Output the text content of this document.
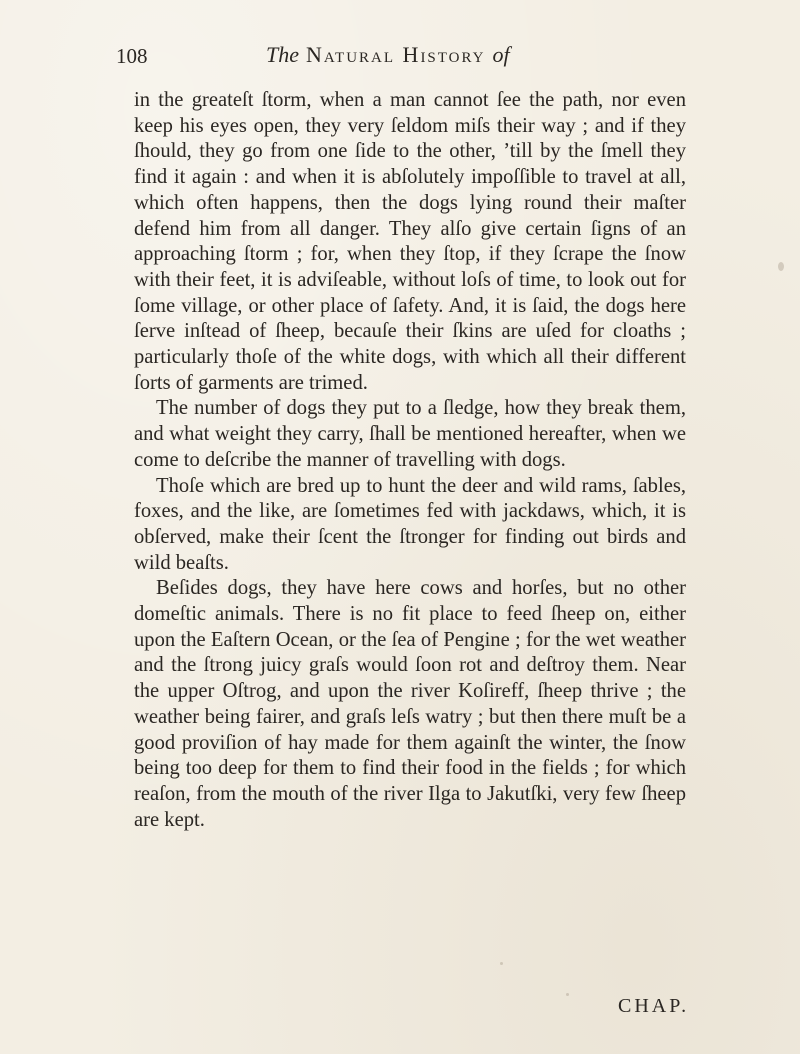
108	The Natural History of

in the greateſt ſtorm, when a man cannot ſee the path, nor even keep his eyes open, they very ſeldom miſs their way ; and if they ſhould, they go from one ſide to the other, ’till by the ſmell they find it again : and when it is abſolutely impoſſible to travel at all, which often happens, then the dogs lying round their maſter defend him from all danger. They alſo give certain ſigns of an approaching ſtorm ; for, when they ſtop, if they ſcrape the ſnow with their feet, it is adviſeable, without loſs of time, to look out for ſome village, or other place of ſafety. And, it is ſaid, the dogs here ſerve inſtead of ſheep, becauſe their ſkins are uſed for cloaths ; particularly thoſe of the white dogs, with which all their different ſorts of garments are trimed.

The number of dogs they put to a ſledge, how they break them, and what weight they carry, ſhall be mentioned hereafter, when we come to deſcribe the manner of travelling with dogs.

Thoſe which are bred up to hunt the deer and wild rams, ſables, foxes, and the like, are ſometimes fed with jackdaws, which, it is obſerved, make their ſcent the ſtronger for finding out birds and wild beaſts.

Beſides dogs, they have here cows and horſes, but no other domeſtic animals. There is no fit place to feed ſheep on, either upon the Eaſtern Ocean, or the ſea of Pengine ; for the wet weather and the ſtrong juicy graſs would ſoon rot and deſtroy them. Near the upper Oſtrog, and upon the river Koſireff, ſheep thrive ; the weather being fairer, and graſs leſs watry ; but then there muſt be a good proviſion of hay made for them againſt the winter, the ſnow being too deep for them to find their food in the fields ; for which reaſon, from the mouth of the river Ilga to Jakutſki, very few ſheep are kept.

CHAP.
